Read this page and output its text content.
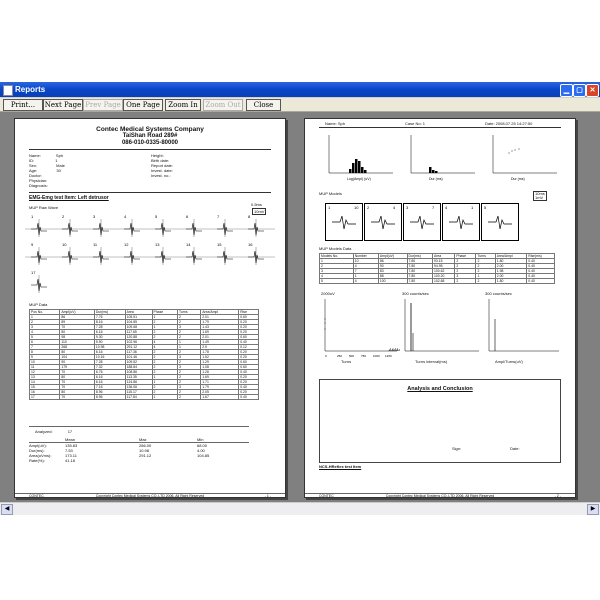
Reports	▁	▢ ✕
Print...	Next Page Prev Page One Page	Zoom In	Zoom Out	Close
Contec Medical Systems Company
TaiShan Road 289#
086-010-0335-80000
Name:	Sph
ID:	1
Sex:	Male
Age:	30
Doctor:
Physician:
Diagnosis:
Height:
Birth date:
Report date:
Invest. date:
Invest. no.:
EMG-Emg test Item: Left detrusor
MUP Raw Wave
0.5ms
10mV
1	2	3	4	5	6	7	8
9	10	11	12	13	14	15	16
17
MUP Data
Pos No.	Ampl(uV)	Dur(ms)	Area	Phase	Turns	Area/Ampl	Rise
1	86	7.76	105.51	1	2	2.01	0.60
2	89	8.16	104.85	2	2	1.79	0.20
3	70	7.28	109.68	1	3	1.43	0.20
4	80	6.16	117.65	2	2	1.69	0.20
5	98	9.30	120.88	2	2	2.01	0.60
6	110	5.90	102.96	4	1	1.49	0.40
7	268	10.98	291.12	4	1	2.9	0.12
8	80	6.16	117.36	2	2	1.78	0.20
9	104	10.16	101.46	2	3	1.52	0.20
10	90	7.28	109.52	2	2	1.29	0.60
11	179	7.32	188.84	2	3	1.08	0.60
12	70	6.76	108.86	2	2	1.26	0.40
13	80	6.16	113.35	1	2	1.69	0.20
14	70	6.16	124.86	1	2	1.71	0.20
15	70	7.16	136.06	2	3	1.79	0.40
16	80	8.96	115.17	2	2	2.05	0.20
17	70	8.96	117.84	1	2	1.67	0.40
Analyzed:	17
Mean	Max	Min
Ampl(uV):	135.83	286.00	68.00
Dur(ms):	7.53	10.98	4.00
Area(uVms):	173.11	291.12	104.85
Rate(%):	41.18
CONTEC	Copyright Contec Medical Systems CO.,LTD 2006, All Right Reserved	- 1 -
Name: Sph	Case No: 1	Date: 2008.07.25 14:27:50
Log(Ampl) (uV)	Dur (ms)	Dur (ms)
MUP Models	10ms
1mV
1	10 2	4	3	7	4	1	5
MUP Models Data
Models No.	Number	Ampl(uV)	Dur(ms)	Area	Phase	Turns	Area/Ampl	Rise(ms)
1	10	86	7.80	93.15	2	2	1.80	0.40
2	4	90	7.80	94.95	2	2	2.00	0.40
3	7	83	7.80	100.62	2	2	1.98	0.40
4	1	88	7.80	100.20	3	1	2.00	0.40
5	4	100	7.80	102.68	2	2	1.80	0.40
2000uV	300 counts/sec	300 counts/sec
0	250 500 750 1000 1250
Turns	Turns interval(ms)	Ampl/Turns(uV)
Analysis and Conclusion
Sign:	Date:
NCS-HReflex test Item
CONTEC	Copyright Contec Medical Systems CO.,LTD 2006, All Right Reserved	- 2 -
◀	▶
